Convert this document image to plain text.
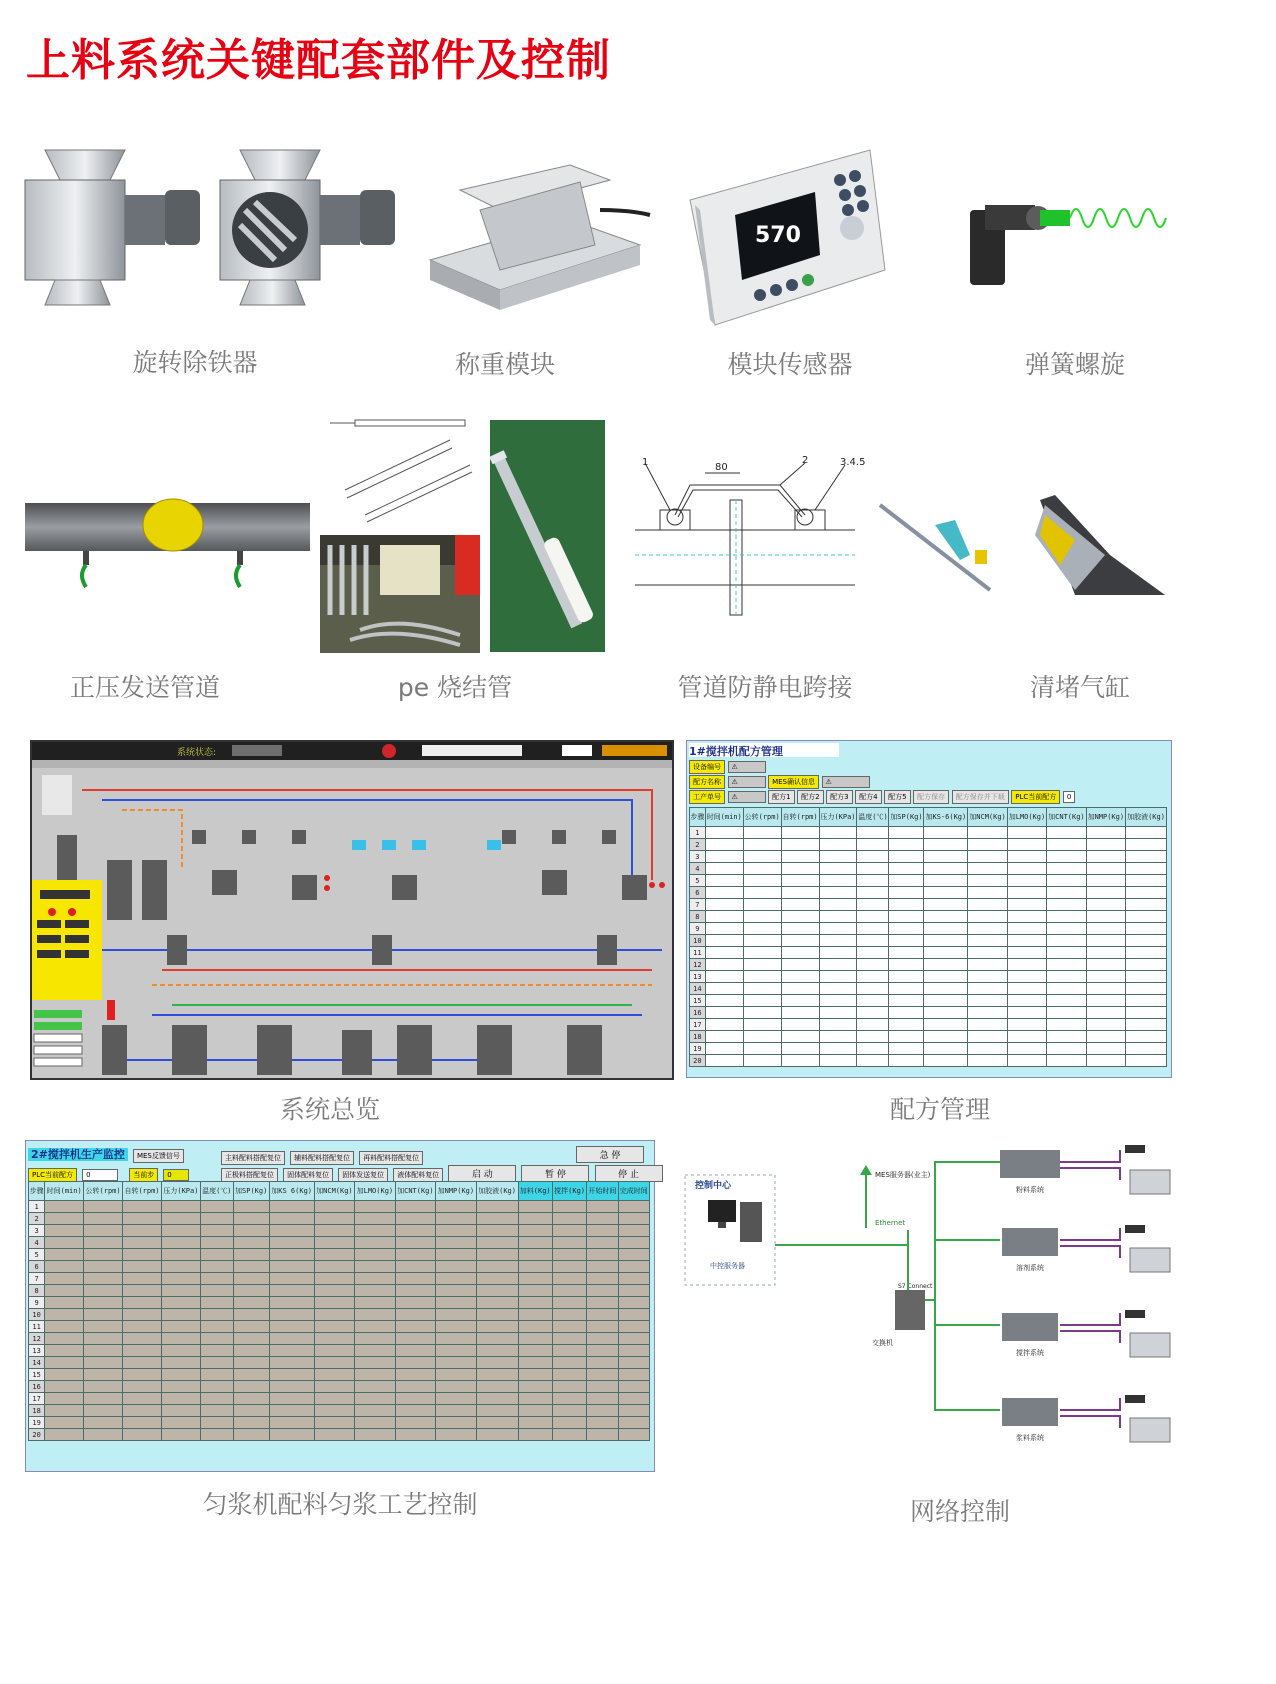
上料系统关键配套部件及控制
570
旋转除铁器	称重模块	模块传感器	弹簧螺旋
80
1	2	3.4.5
正压发送管道	pe 烧结管	管道防静电跨接	清堵气缸
系统状态:	1#搅拌机配方管理
设备编号 ⚠
配方名称 ⚠	MES确认信息 ⚠
工产单号 ⚠	配方1 配方2 配方3 配方4 配方5 配方保存 配方保存并下载 PLC当前配方 0
步骤	时间(min)	公转(rpm)	自转(rpm)	压力(KPa)	温度(℃)	加SP(Kg)	加KS-6(Kg)	加NCM(Kg)	加LMO(Kg)	加CNT(Kg)	加NMP(Kg)	加胶液(Kg)
1												
2												
3												
4												
5												
6												
7												
8												
9												
10												
11												
12												
13												
14												
15												
16												
17												
18												
19												
20												
系统总览	配方管理
2#搅拌机生产监控 MES反馈信号	主料配料搭配复位 辅料配料搭配复位 再料配料搭配复位	急 停
PLC当前配方 0	当前步 0	正极料搭配复位 固体配料复位 固体发送复位 液体配料复位	启 动	暂 停	停 止
步骤	时间(min)	公转(rpm)	自转(rpm)	压力(KPa)	温度(℃)	加SP(Kg)	加KS 6(Kg)	加NCM(Kg)	加LMO(Kg)	加CNT(Kg)	加NMP(Kg)	加胶液(Kg)	加料(Kg)	搅拌(Kg)	开始时间	完成时间
1																
2																
3																
4																
5																
6																
7																
8																
9																
10																
11																
12																
13																
14																
15																
16																
17																
18																
19																
20																
控制中心
中控服务器
MES服务器(业主)
Ethernet
S7 Connect
交换机
粉料系统
溶剂系统
搅拌系统
浆料系统
匀浆机配料匀浆工艺控制	网络控制
